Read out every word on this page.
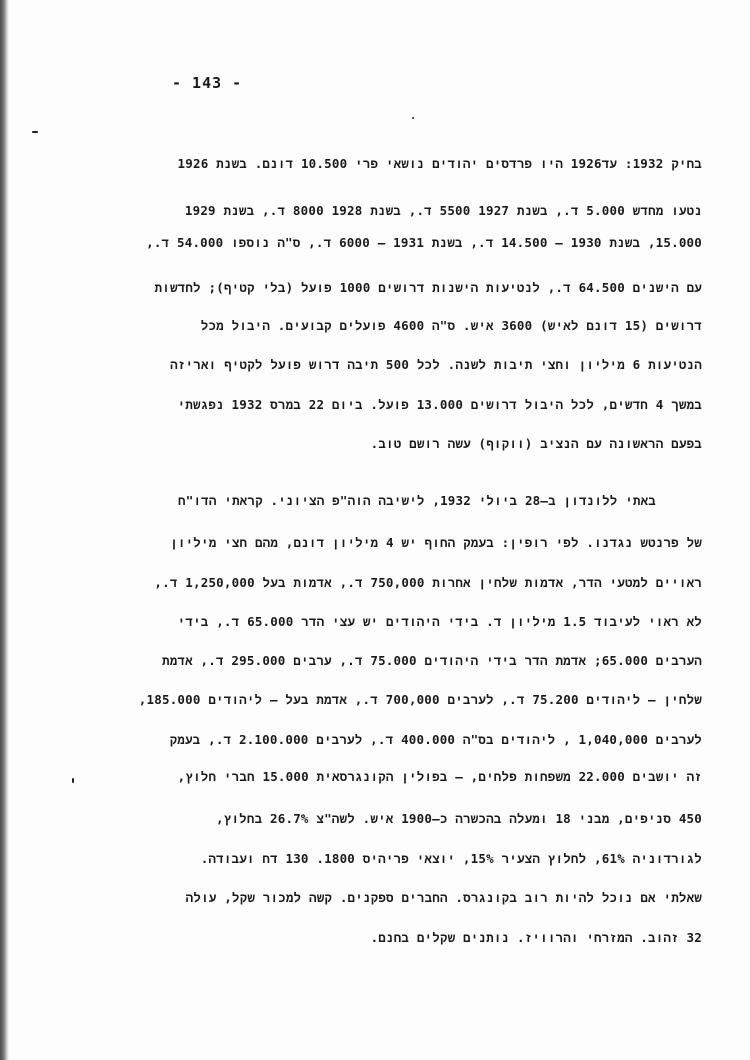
- 143 -
בחיק 1932: עד1926 היו פרדסים יהודים נושאי פרי 10.500 דונם. בשנת 1926
נטעו מחדש 5.000 ד., בשנת 1927 5500 ד., בשנת 1928 8000 ד., בשנת 1929
15.000, בשנת 1930 – 14.500 ד., בשנת 1931 – 6000 ד., ס"ה נוספו 54.000 ד.,
עם הישנים 64.500 ד., לנטיעות הישנות דרושים 1000 פועל (בלי קטיף); לחדשות
דרושים (15 דונם לאיש) 3600 איש. ס"ה 4600 פועלים קבועים. היבול מכל
הנטיעות 6 מיליון וחצי תיבות לשנה. לכל 500 תיבה דרוש פועל לקטיף ואריזה
במשך 4 חדשים, לכל היבול דרושים 13.000 פועל. ביום 22 במרס 1932 נפגשתי
בפעם הראשונה עם הנציב (ווקוף) עשה רושם טוב.
באתי ללונדון ב–28 ביולי 1932, לישיבה הוה"פ הציוני. קראתי הדו"ח
של פרנטש נגדנו. לפי רופין: בעמק החוף יש 4 מיליון דונם, מהם חצי מיליון
ראויים למטעי הדר, אדמות שלחין אחרות 750,000 ד., אדמות בעל 1,250,000 ד.,
לא ראוי לעיבוד 1.5 מיליון ד. בידי היהודים יש עצי הדר 65.000 ד., בידי
הערבים 65.000; אדמת הדר בידי היהודים 75.000 ד., ערבים 295.000 ד., אדמת
שלחין – ליהודים 75.200 ד., לערבים 700,000 ד., אדמת בעל – ליהודים 185.000,
לערבים 1,040,000 , ליהודים בס"ה 400.000 ד., לערבים 2.100.000 ד., בעמק
זה יושבים 22.000 משפחות פלחים, – בפולין הקונגרסאית 15.000 חברי חלוץ,
450 סניפים, מבני 18 ומעלה בהכשרה כ–1900 איש. לשה"צ 26.7% בחלוץ,
לגורדוניה 61%, לחלוץ הצעיר 15%, יוצאי פריהיס 1800. 130 דח ועבודה.
שאלתי אם נוכל להיות רוב בקונגרס. החברים ספקנים. קשה למכור שקל, עולה
32 זהוב. המזרחי והרוויז. נותנים שקלים בחנם.
